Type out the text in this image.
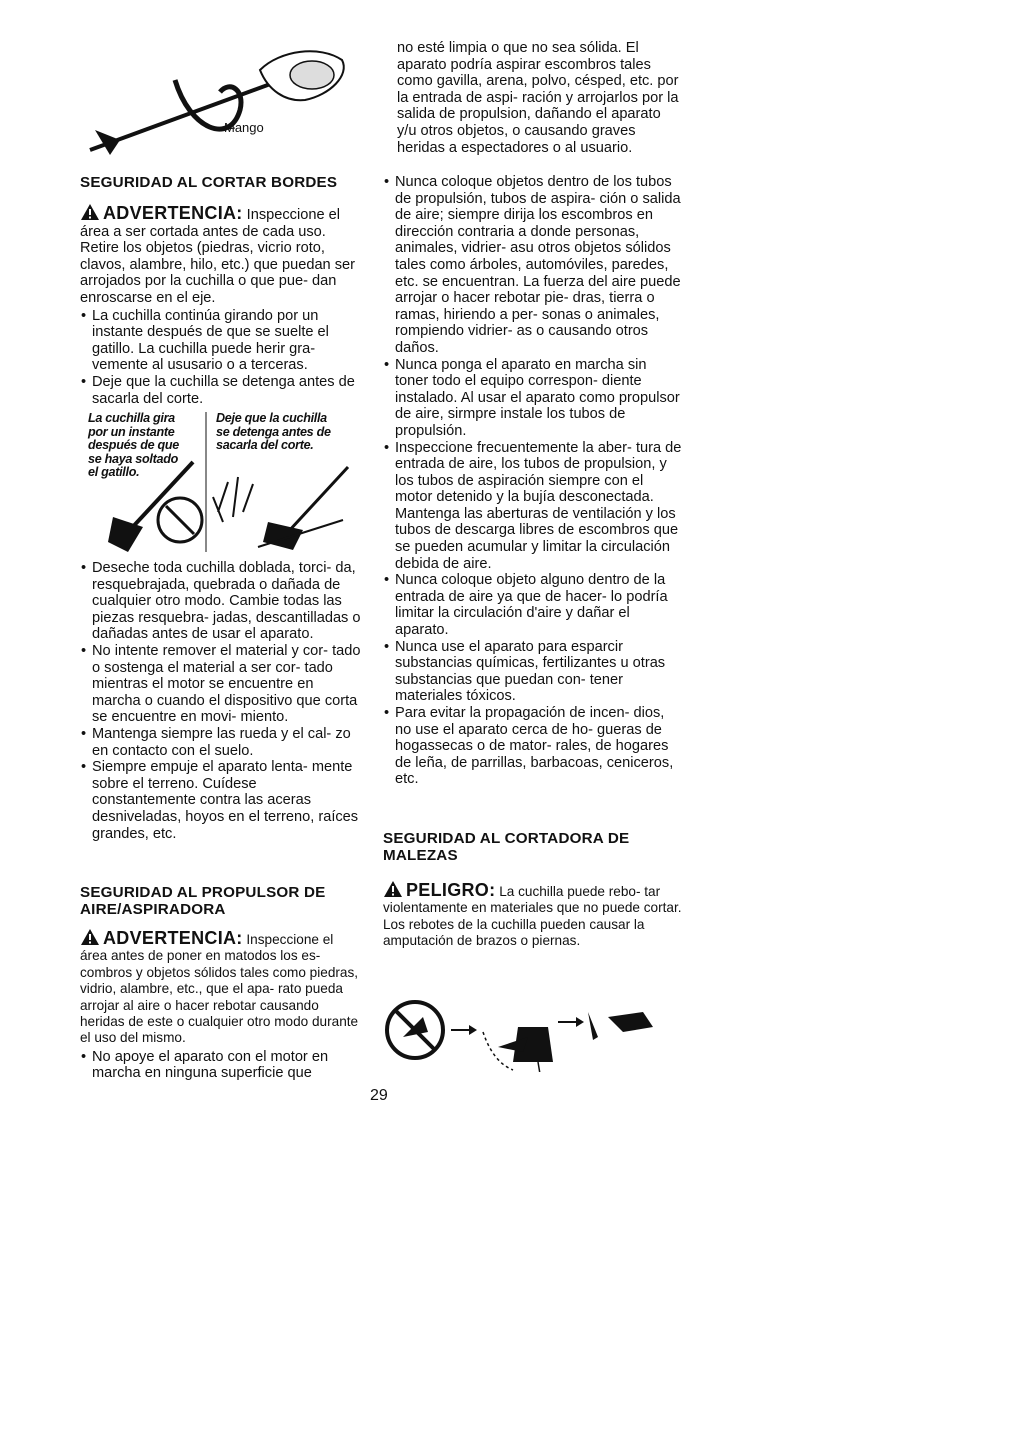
Mango
SEGURIDAD AL CORTAR BORDES

ADVERTENCIA: Inspeccione el área a ser cortada antes de cada uso. Retire los objetos (piedras, vicrio roto, clavos, alambre, hilo, etc.) que puedan ser arrojados por la cuchilla o que pue- dan enroscarse en el eje.

• La cuchilla continúa girando por un instante después de que se suelte el gatillo. La cuchilla puede herir gra- vemente al ususario o a terceras.
• Deje que la cuchilla se detenga antes de sacarla del corte.
La cuchilla gira por un instante después de que se haya soltado el gatillo.
Deje que la cuchilla se detenga antes de sacarla del corte.
• Deseche toda cuchilla doblada, torci- da, resquebrajada, quebrada o dañada de cualquier otro modo. Cambie todas las piezas resquebra- jadas, descantilladas o dañadas antes de usar el aparato.
• No intente remover el material y cor- tado o sostenga el material a ser cor- tado mientras el motor se encuentre en marcha o cuando el dispositivo que corta se encuentre en movi- miento.
• Mantenga siempre las rueda y el cal- zo en contacto con el suelo.
• Siempre empuje el aparato lenta- mente sobre el terreno. Cuídese constantemente contra las aceras desniveladas, hoyos en el terreno, raíces grandes, etc.
SEGURIDAD AL PROPULSOR DE AIRE/ASPIRADORA

ADVERTENCIA: Inspeccione el área antes de poner en matodos los es- combros y objetos sólidos tales como piedras, vidrio, alambre, etc., que el apa- rato pueda arrojar al aire o hacer rebotar causando heridas de este o cualquier otro modo durante el uso del mismo.

• No apoye el aparato con el motor en marcha en ninguna superficie que

no esté limpia o que no sea sólida. El aparato podría aspirar escombros tales como gavilla, arena, polvo, césped, etc. por la entrada de aspi- ración y arrojarlos por la salida de propulsion, dañando el aparato y/u otros objetos, o causando graves heridas a espectadores o al usuario.

• Nunca coloque objetos dentro de los tubos de propulsión, tubos de aspira- ción o salida de aire; siempre dirija los escombros en dirección contraria a donde personas, animales, vidrier- asu otros objetos sólidos tales como árboles, automóviles, paredes, etc. se encuentran. La fuerza del aire puede arrojar o hacer rebotar pie- dras, tierra o ramas, hiriendo a per- sonas o animales, rompiendo vidrier- as o causando otros daños.
• Nunca ponga el aparato en marcha sin toner todo el equipo correspon- diente instalado. Al usar el aparato como propulsor de aire, sirmpre instale los tubos de propulsión.
• Inspeccione frecuentemente la aber- tura de entrada de aire, los tubos de propulsion, y los tubos de aspiración siempre con el motor detenido y la bujía desconectada. Mantenga las aberturas de ventilación y los tubos de descarga libres de escombros que se pueden acumular y limitar la circulación debida de aire.
• Nunca coloque objeto alguno dentro de la entrada de aire ya que de hacer- lo podría limitar la circulación d'aire y dañar el aparato.
• Nunca use el aparato para esparcir substancias químicas, fertilizantes u otras substancias que puedan con- tener materiales tóxicos.
• Para evitar la propagación de incen- dios, no use el aparato cerca de ho- gueras de hogassecas o de mator- rales, de hogares de leña, de parrillas, barbacoas, ceniceros, etc.
SEGURIDAD AL CORTADORA DE MALEZAS

PELIGRO: La cuchilla puede rebo- tar violentamente en materiales que no puede cortar. Los rebotes de la cuchilla pueden causar la amputación de brazos o piernas.

29
